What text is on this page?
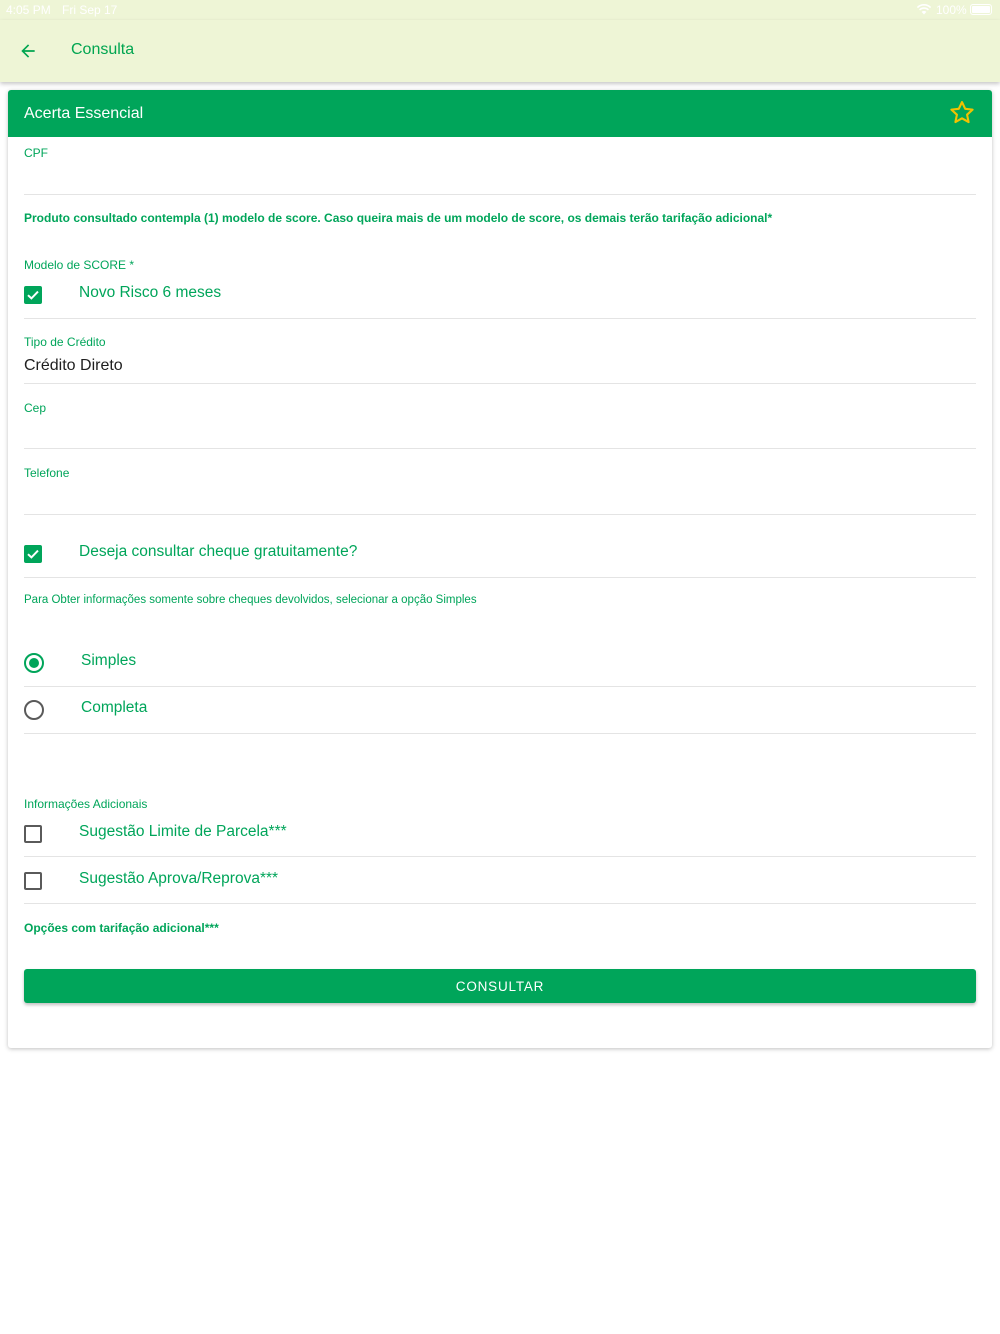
4:05 PM Fri Sep 17	100%
Consulta
Acerta Essencial
CPF
Produto consultado contempla (1) modelo de score. Caso queira mais de um modelo de score, os demais terão tarifação adicional*
Modelo de SCORE *
Novo Risco 6 meses
Tipo de Crédito
Crédito Direto
Cep
Telefone
Deseja consultar cheque gratuitamente?
Para Obter informações somente sobre cheques devolvidos, selecionar a opção Simples
Simples
Completa
Informações Adicionais
Sugestão Limite de Parcela***
Sugestão Aprova/Reprova***
Opções com tarifação adicional***
CONSULTAR
